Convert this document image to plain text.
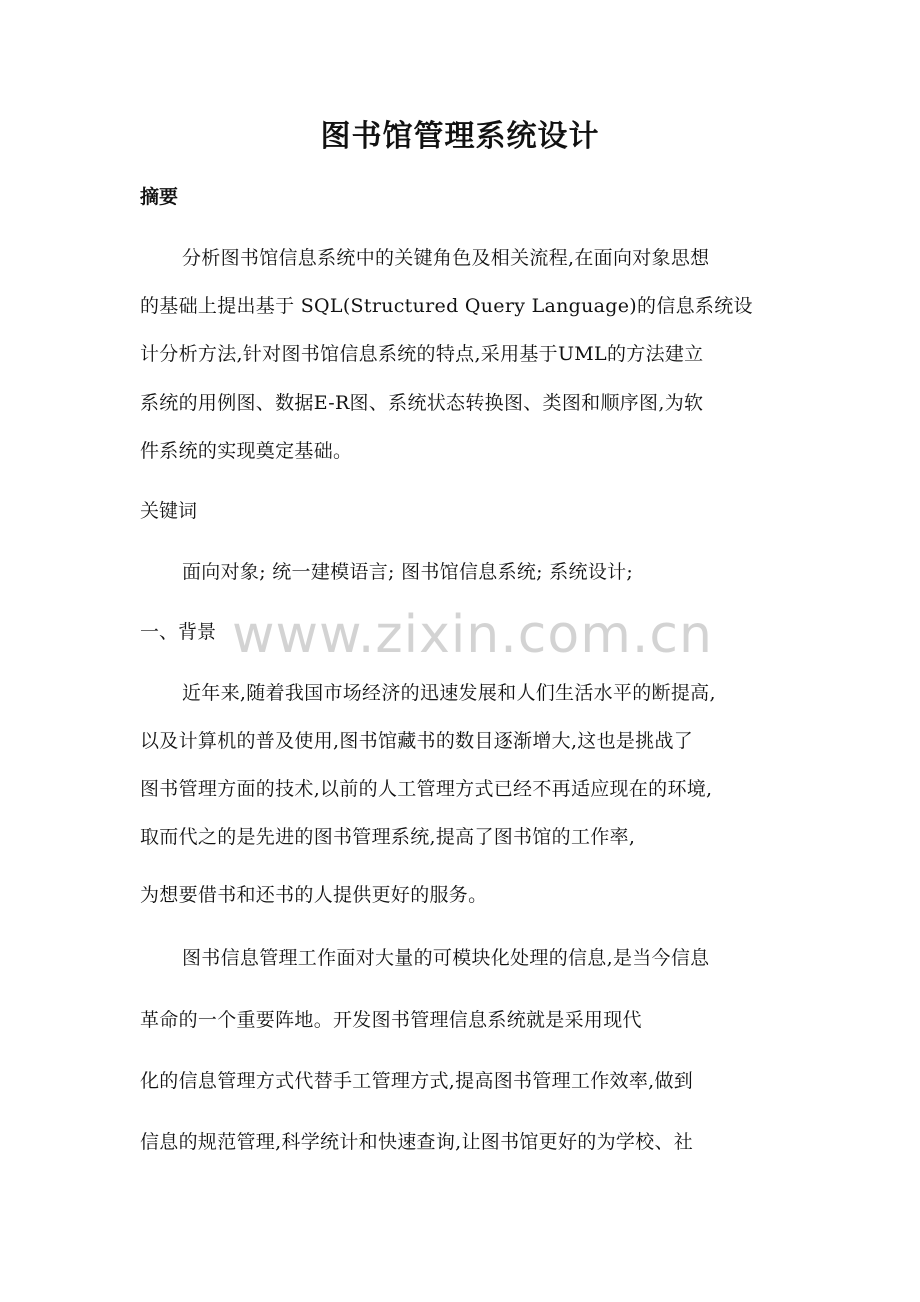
图书馆管理系统设计
摘要
分析图书馆信息系统中的关键角色及相关流程,在面向对象思想
的基础上提出基于 SQL(Structured Query Language)的信息系统设
计分析方法,针对图书馆信息系统的特点,采用基于UML的方法建立
系统的用例图、数据E-R图、系统状态转换图、类图和顺序图,为软
件系统的实现奠定基础。
关键词
面向对象; 统一建模语言; 图书馆信息系统; 系统设计;
一、背景
近年来,随着我国市场经济的迅速发展和人们生活水平的断提高,
以及计算机的普及使用,图书馆藏书的数目逐渐增大,这也是挑战了
图书管理方面的技术,以前的人工管理方式已经不再适应现在的环境,
取而代之的是先进的图书管理系统,提高了图书馆的工作率,
为想要借书和还书的人提供更好的服务。
图书信息管理工作面对大量的可模块化处理的信息,是当今信息
革命的一个重要阵地。开发图书管理信息系统就是采用现代
化的信息管理方式代替手工管理方式,提高图书管理工作效率,做到
信息的规范管理,科学统计和快速查询,让图书馆更好的为学校、社
www.zixin.com.cn
